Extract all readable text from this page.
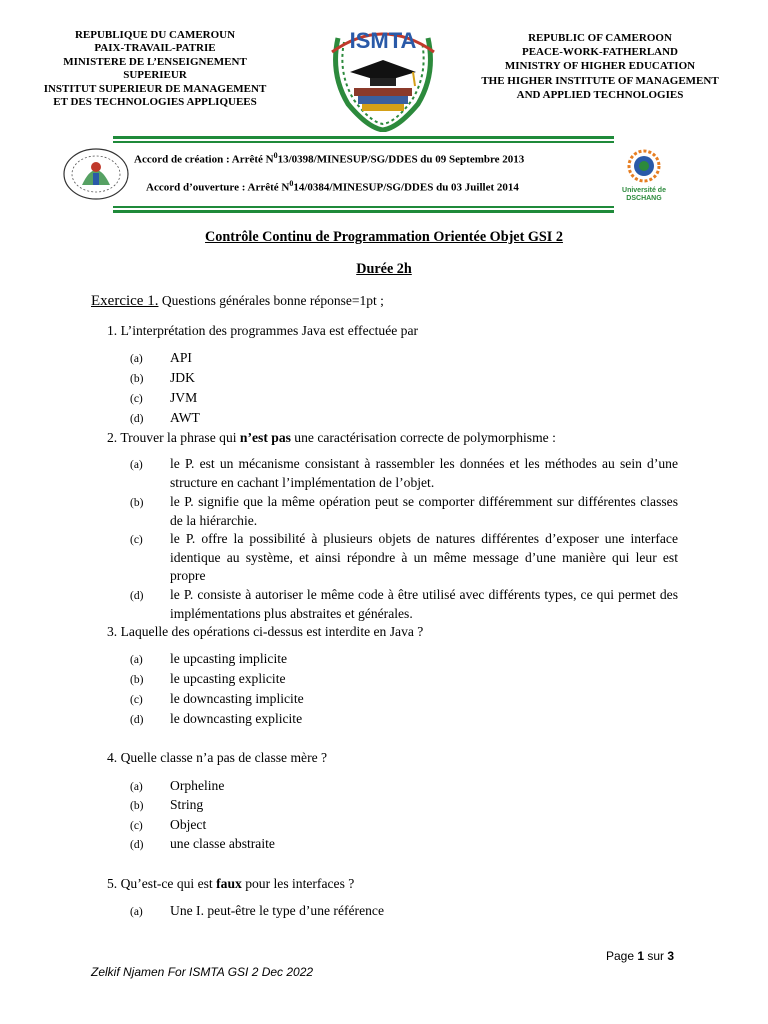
REPUBLIQUE DU CAMEROUN
PAIX-TRAVAIL-PATRIE
MINISTERE DE L’ENSEIGNEMENT
SUPERIEUR
INSTITUT SUPERIEUR DE MANAGEMENT
ET DES TECHNOLOGIES APPLIQUEES
ISMTA	REPUBLIC OF CAMEROON
PEACE-WORK-FATHERLAND
MINISTRY OF HIGHER EDUCATION
THE HIGHER INSTITUTE OF MANAGEMENT
AND APPLIED TECHNOLOGIES
Accord de création : Arrêté $N^013/0398/MINESUP/SG$/DDES du 09 Septembre 2013
Accord d’ouverture : Arrêté $N^014/0384/MINESUP/SG$/DDES du 03 Juillet 2014	Université de
DSCHANG
Contrôle Continu de Programmation Orientée Objet GSI 2
Durée 2h
Exercice 1. Questions générales bonne réponse=1pt ;
1. L’interprétation des programmes Java est effectuée par
(a) API
(b) JDK
(c) JVM
(d) AWT
2. Trouver la phrase qui n’est pas une caractérisation correcte de polymorphisme :
(a) le P. est un mécanisme consistant à rassembler les données et les méthodes au sein d’une structure en cachant l’implémentation de l’objet.
(b) le P. signifie que la même opération peut se comporter différemment sur différentes classes de la hiérarchie.
(c) le P. offre la possibilité à plusieurs objets de natures différentes d’exposer une interface identique au système, et ainsi répondre à un même message d’une manière qui leur est propre
(d) le P. consiste à autoriser le même code à être utilisé avec différents types, ce qui permet des implémentations plus abstraites et générales.
3. Laquelle des opérations ci-dessus est interdite en Java ?
(a) le upcasting implicite
(b) le upcasting explicite
(c) le downcasting implicite
(d) le downcasting explicite
4. Quelle classe n’a pas de classe mère ?
(a) Orpheline
(b) String
(c) Object
(d) une classe abstraite
5. Qu’est-ce qui est faux pour les interfaces ?
(a) Une I. peut-être le type d’une référence
Page 1 sur 3
Zelkif Njamen For ISMTA GSI 2 Dec 2022
